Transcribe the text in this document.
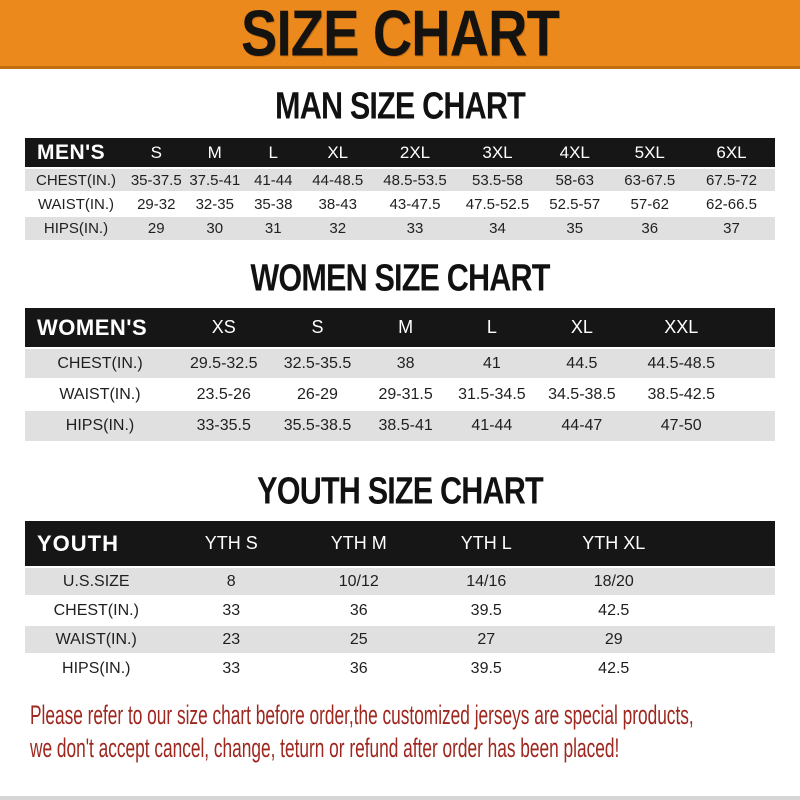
SIZE CHART
MAN SIZE CHART
MEN'S	S	M	L	XL	2XL	3XL	4XL	5XL	6XL
CHEST(IN.)	35-37.5	37.5-41	41-44	44-48.5	48.5-53.5	53.5-58	58-63	63-67.5	67.5-72
WAIST(IN.)	29-32	32-35	35-38	38-43	43-47.5	47.5-52.5	52.5-57	57-62	62-66.5
HIPS(IN.)	29	30	31	32	33	34	35	36	37
WOMEN SIZE CHART
WOMEN'S	XS	S	M	L	XL	XXL	
CHEST(IN.)	29.5-32.5	32.5-35.5	38	41	44.5	44.5-48.5	
WAIST(IN.)	23.5-26	26-29	29-31.5	31.5-34.5	34.5-38.5	38.5-42.5	
HIPS(IN.)	33-35.5	35.5-38.5	38.5-41	41-44	44-47	47-50	
YOUTH SIZE CHART
YOUTH	YTH S	YTH M	YTH L	YTH XL	
U.S.SIZE	8	10/12	14/16	18/20	
CHEST(IN.)	33	36	39.5	42.5	
WAIST(IN.)	23	25	27	29	
HIPS(IN.)	33	36	39.5	42.5	

Please refer to our size chart before order,the customized jerseys are special products,

we don't accept cancel, change, teturn or refund after order has been placed!
